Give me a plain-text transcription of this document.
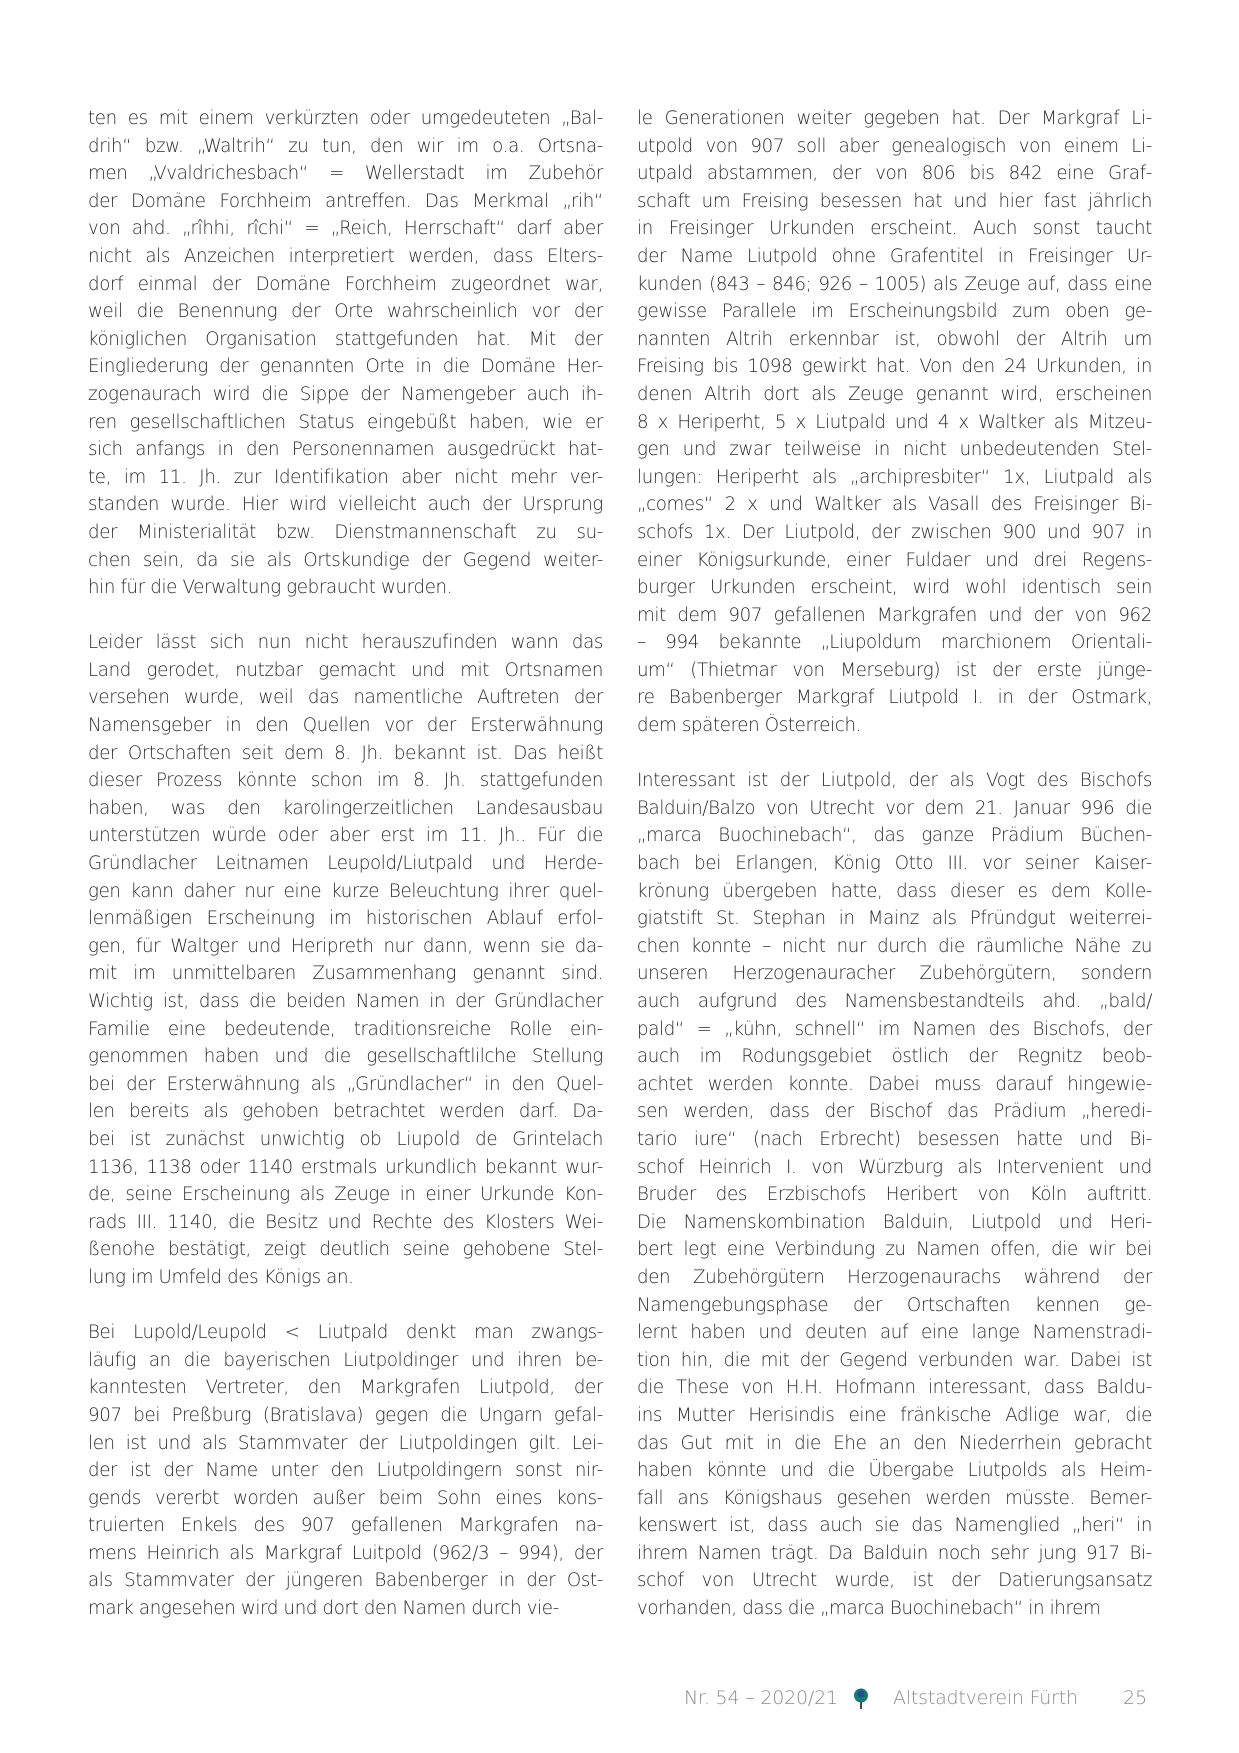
ten es mit einem verkürzten oder umgedeuteten „Bal-
drih“ bzw. „Waltrih“ zu tun, den wir im o.a. Ortsna-
men „Vvaldrichesbach“ = Wellerstadt im Zubehör
der Domäne Forchheim antreffen. Das Merkmal „rih“
von ahd. „rîhhi, rîchi“ = „Reich, Herrschaft“ darf aber
nicht als Anzeichen interpretiert werden, dass Elters-
dorf einmal der Domäne Forchheim zugeordnet war,
weil die Benennung der Orte wahrscheinlich vor der
königlichen Organisation stattgefunden hat. Mit der
Eingliederung der genannten Orte in die Domäne Her-
zogenaurach wird die Sippe der Namengeber auch ih-
ren gesellschaftlichen Status eingebüßt haben, wie er
sich anfangs in den Personennamen ausgedrückt hat-
te, im 11. Jh. zur Identifikation aber nicht mehr ver-
standen wurde. Hier wird vielleicht auch der Ursprung
der Ministerialität bzw. Dienstmannenschaft zu su-
chen sein, da sie als Ortskundige der Gegend weiter-
hin für die Verwaltung gebraucht wurden.
Leider lässt sich nun nicht herauszufinden wann das
Land gerodet, nutzbar gemacht und mit Ortsnamen
versehen wurde, weil das namentliche Auftreten der
Namensgeber in den Quellen vor der Ersterwähnung
der Ortschaften seit dem 8. Jh. bekannt ist. Das heißt
dieser Prozess könnte schon im 8. Jh. stattgefunden
haben, was den karolingerzeitlichen Landesausbau
unterstützen würde oder aber erst im 11. Jh.. Für die
Gründlacher Leitnamen Leupold/Liutpald und Herde-
gen kann daher nur eine kurze Beleuchtung ihrer quel-
lenmäßigen Erscheinung im historischen Ablauf erfol-
gen, für Waltger und Heripreth nur dann, wenn sie da-
mit im unmittelbaren Zusammenhang genannt sind.
Wichtig ist, dass die beiden Namen in der Gründlacher
Familie eine bedeutende, traditionsreiche Rolle ein-
genommen haben und die gesellschaftlilche Stellung
bei der Ersterwähnung als „Gründlacher“ in den Quel-
len bereits als gehoben betrachtet werden darf. Da-
bei ist zunächst unwichtig ob Liupold de Grintelach
1136, 1138 oder 1140 erstmals urkundlich bekannt wur-
de, seine Erscheinung als Zeuge in einer Urkunde Kon-
rads III. 1140, die Besitz und Rechte des Klosters Wei-
ßenohe bestätigt, zeigt deutlich seine gehobene Stel-
lung im Umfeld des Königs an.
Bei Lupold/Leupold < Liutpald denkt man zwangs-
läufig an die bayerischen Liutpoldinger und ihren be-
kanntesten Vertreter, den Markgrafen Liutpold, der
907 bei Preßburg (Bratislava) gegen die Ungarn gefal-
len ist und als Stammvater der Liutpoldingen gilt. Lei-
der ist der Name unter den Liutpoldingern sonst nir-
gends vererbt worden außer beim Sohn eines kons-
truierten Enkels des 907 gefallenen Markgrafen na-
mens Heinrich als Markgraf Luitpold (962/3 – 994), der
als Stammvater der jüngeren Babenberger in der Ost-
mark angesehen wird und dort den Namen durch vie-
le Generationen weiter gegeben hat. Der Markgraf Li-
utpold von 907 soll aber genealogisch von einem Li-
utpald abstammen, der von 806 bis 842 eine Graf-
schaft um Freising besessen hat und hier fast jährlich
in Freisinger Urkunden erscheint. Auch sonst taucht
der Name Liutpold ohne Grafentitel in Freisinger Ur-
kunden (843 – 846; 926 – 1005) als Zeuge auf, dass eine
gewisse Parallele im Erscheinungsbild zum oben ge-
nannten Altrih erkennbar ist, obwohl der Altrih um
Freising bis 1098 gewirkt hat. Von den 24 Urkunden, in
denen Altrih dort als Zeuge genannt wird, erscheinen
8 x Heriperht, 5 x Liutpald und 4 x Waltker als Mitzeu-
gen und zwar teilweise in nicht unbedeutenden Stel-
lungen: Heriperht als „archipresbiter“ 1x, Liutpald als
„comes“ 2 x und Waltker als Vasall des Freisinger Bi-
schofs 1x. Der Liutpold, der zwischen 900 und 907 in
einer Königsurkunde, einer Fuldaer und drei Regens-
burger Urkunden erscheint, wird wohl identisch sein
mit dem 907 gefallenen Markgrafen und der von 962
– 994 bekannte „Liupoldum marchionem Orientali-
um“ (Thietmar von Merseburg) ist der erste jünge-
re Babenberger Markgraf Liutpold I. in der Ostmark,
dem späteren Österreich.
Interessant ist der Liutpold, der als Vogt des Bischofs
Balduin/Balzo von Utrecht vor dem 21. Januar 996 die
„marca Buochinebach“, das ganze Prädium Büchen-
bach bei Erlangen, König Otto III. vor seiner Kaiser-
krönung übergeben hatte, dass dieser es dem Kolle-
giatstift St. Stephan in Mainz als Pfründgut weiterrei-
chen konnte – nicht nur durch die räumliche Nähe zu
unseren Herzogenauracher Zubehörgütern, sondern
auch aufgrund des Namensbestandteils ahd. „bald/
pald“ = „kühn, schnell“ im Namen des Bischofs, der
auch im Rodungsgebiet östlich der Regnitz beob-
achtet werden konnte. Dabei muss darauf hingewie-
sen werden, dass der Bischof das Prädium „heredi-
tario iure“ (nach Erbrecht) besessen hatte und Bi-
schof Heinrich I. von Würzburg als Intervenient und
Bruder des Erzbischofs Heribert von Köln auftritt.
Die Namenskombination Balduin, Liutpold und Heri-
bert legt eine Verbindung zu Namen offen, die wir bei
den Zubehörgütern Herzogenaurachs während der
Namengebungsphase der Ortschaften kennen ge-
lernt haben und deuten auf eine lange Namenstradi-
tion hin, die mit der Gegend verbunden war. Dabei ist
die These von H.H. Hofmann interessant, dass Baldu-
ins Mutter Herisindis eine fränkische Adlige war, die
das Gut mit in die Ehe an den Niederrhein gebracht
haben könnte und die Übergabe Liutpolds als Heim-
fall ans Königshaus gesehen werden müsste. Bemer-
kenswert ist, dass auch sie das Namenglied „heri“ in
ihrem Namen trägt. Da Balduin noch sehr jung 917 Bi-
schof von Utrecht wurde, ist der Datierungsansatz
vorhanden, dass die „marca Buochinebach“ in ihrem
Nr. 54 – 2020/21	Altstadtverein Fürth 25
